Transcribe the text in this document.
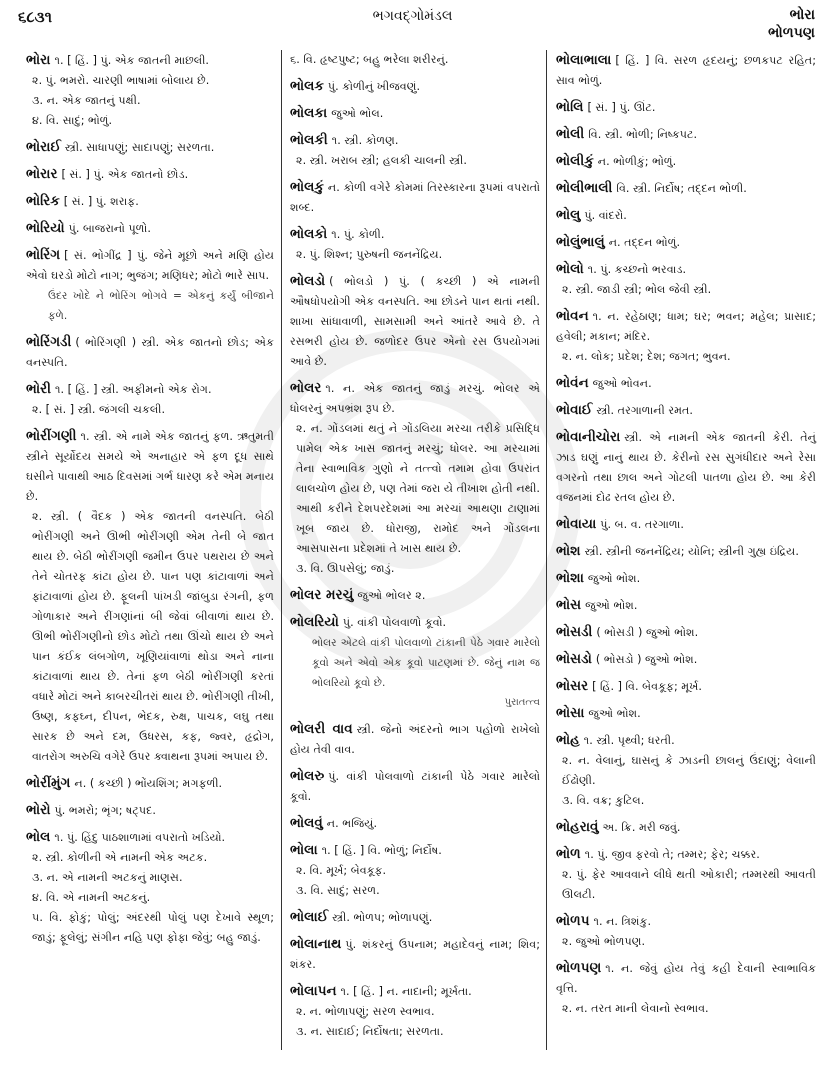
૬૮૩૧	ભગવદ્ગોમંડલ	ભોરા
ભોળપણ
ભોરા ૧. [ હિં. ] પું. એક જાતની માછલી.
૨. પું. ભમરો. ચારણી ભાષામાં બોલાય છે.
૩. ન. એક જાતનું પક્ષી.
૪. વિ. સાદું; ભોળું.
ભોરાઈ સ્ત્રી. સાધાપણું; સાદાપણું; સરળતા.
ભોરાર [ સં. ] પું. એક જાતનો છોડ.
ભોરિક [ સં. ] પું. શરાફ.
ભોરિયો પું. બાજરાનો પૂળો.
ભોરિંગ [ સં. ભોગીંદ્ર ] પું. જેને મૂછો અને મણિ હોય એવો ઘરડો મોટો નાગ; ભુજંગ; મણિધર; મોટો ભારે સાપ.
ઉંદર ખોદે ને ભોરિંગ ભોગવે = એકનું કર્યું બીજાને ફળે.
ભોરિંગડી ( ભોરિંગણી ) સ્ત્રી. એક જાતનો છોડ; એક વનસ્પતિ.
ભોરી ૧. [ હિં. ] સ્ત્રી. અફીમનો એક રોગ.
૨. [ સં. ] સ્ત્રી. જંગલી ચકલી.
ભોરીંગણી ૧. સ્ત્રી. એ નામે એક જાતનું ફળ. ઋતુમતી સ્ત્રીને સૂર્યોદય સમયે એ અનાહાર એ ફળ દૂધ સાથે ઘસીને પાવાથી આઠ દિવસમાં ગર્ભ ધારણ કરે એમ મનાય છે.
૨. સ્ત્રી. ( વૈદક ) એક જાતની વનસ્પતિ. બેઠી ભોરીંગણી અને ઊભી ભોરીંગણી એમ તેની બે જાત થાય છે. બેઠી ભોરીંગણી જમીન ઉપર પથરાય છે અને તેને ચોતરફ કાંટા હોય છે. પાન પણ કાંટાવાળાં અને ફાંટાવાળાં હોય છે. ફૂલની પાંખડી જાંબુડા રંગની, ફળ ગોળાકાર અને રીંગણાંનાં બી જેવાં બીવાળાં થાય છે. ઊભી ભોરીંગણીનો છોડ મોટો તથા ઊંચો થાય છે અને પાન કંઈક લંબગોળ, ખૂણિયાંવાળાં થોડા અને નાના કાંટાવાળાં થાય છે. તેનાં ફળ બેઠી ભોરીંગણી કરતાં વધારે મોટાં અને કાબરચીતરાં થાય છે. ભોરીંગણી તીખી, ઉષ્ણ, કફઘ્ન, દીપન, ભેદક, રુક્ષ, પાચક, લઘુ તથા સારક છે અને દમ, ઉધરસ, કફ, જ્વર, હૃદ્રોગ, વાતરોગ અરુચિ વગેરે ઉપર ક્વાથના રૂપમાં અપાય છે.
ભોરીંમુંગ ન. ( કચ્છી ) ભોંયશિંગ; મગફળી.
ભોરો પું. ભમરો; ભૃંગ; ષટ્પદ.
ભોલ ૧. પું. હિંદુ પાઠશાળામાં વપરાતો ખડિયો.
૨. સ્ત્રી. કોળીની એ નામની એક અટક.
૩. ન. એ નામની અટકનું માણસ.
૪. વિ. એ નામની અટકનું.
૫. વિ. ફોકું; પોલું; અંદરથી પોલું પણ દેખાવે સ્થૂળ; જાડું; ફૂલેલું; સંગીન નહિ પણ ફોફા જેવું; બહુ જાડું.
૬. વિ. હૃષ્ટપુષ્ટ; બહુ ભરેલા શરીરનું.
ભોલક પું. કોળીનું ખીજવણું.
ભોલકા જુઓ ભોલ.
ભોલકી ૧. સ્ત્રી. કોળણ.
૨. સ્ત્રી. ખરાબ સ્ત્રી; હલકી ચાલની સ્ત્રી.
ભોલકું ન. કોળી વગેરે કોમમાં તિરસ્કારના રૂપમાં વપરાતો શબ્દ.
ભોલકો ૧. પું. કોળી.
૨. પું. શિશ્ન; પુરુષની જનનેંદ્રિય.
ભોલડો ( ભોલડો ) પું. ( કચ્છી ) એ નામની ઔષધોપયોગી એક વનસ્પતિ. આ છોડને પાન થતાં નથી. શાખા સાંધાવાળી, સામસામી અને આંતરે આવે છે. તે રસભરી હોય છે. જળોદર ઉપર એનો રસ ઉપયોગમાં આવે છે.
ભોલર ૧. ન. એક જાતનું જાડું મરચું. ભોલર એ ધોલરનું અપભ્રંશ રૂપ છે.
૨. ન. ગોંડલમાં થતું ને ગોંડલિયા મરચા તરીકે પ્રસિદ્ધિ પામેલ એક ખાસ જાતનું મરચું; ધોલર. આ મરચામાં તેના સ્વાભાવિક ગુણો ને તત્ત્વો તમામ હોવા ઉપરાંત લાલચોળ હોય છે, પણ તેમાં જરા યે તીખાશ હોતી નથી. આથી કરીને દેશપરદેશમાં આ મરચાં આથણા ટાણામાં ખૂબ જાય છે. ધોરાજી, રામોદ અને ગોંડલના આસપાસના પ્રદેશમાં તે ખાસ થાય છે.
૩. વિ. ઊપસેલું; જાડું.
ભોલર મરચું જુઓ ભોલર ૨.
ભોલરિયો પું. વાંકી પોલવાળો કૂવો.
ભોલર એટલે વાંકી પોલવાળો ટાંકાની પેઠે ગવાર મારેલો કૂવો અને એવો એક કૂવો પાટણમાં છે. જેનું નામ જ ભોલરિયો કૂવો છે.
પુરાતત્ત્વ
ભોલરી વાવ સ્ત્રી. જેનો અંદરનો ભાગ પહોળો રાખેલો હોય તેવી વાવ.
ભોલરુ પું. વાંકી પોલવાળો ટાંકાની પેઠે ગવાર મારેલો કૂવો.
ભોલવું ન. ભજિયું.
ભોલા ૧. [ હિં. ] વિ. ભોળું; નિર્દોષ.
૨. વિ. મૂર્ખ; બેવકૂફ.
૩. વિ. સાદું; સરળ.
ભોલાઈ સ્ત્રી. ભોળપ; ભોળાપણું.
ભોલાનાથ પું. શંકરનું ઉપનામ; મહાદેવનું નામ; શિવ; શંકર.
ભોલાપન ૧. [ હિં. ] ન. નાદાની; મૂર્ખતા.
૨. ન. ભોળાપણું; સરળ સ્વભાવ.
૩. ન. સાદાઈ; નિર્દોષતા; સરળતા.
ભોલાભાલા [ હિં. ] વિ. સરળ હૃદયનું; છળકપટ રહિત; સાવ ભોળું.
ભોલિ [ સં. ] પું. ઊંટ.
ભોલી વિ. સ્ત્રી. ભોળી; નિષ્કપટ.
ભોલીકું ન. ભોળીકું; ભોળું.
ભોલીભાલી વિ. સ્ત્રી. નિર્દોષ; તદ્દન ભોળી.
ભોલુ પું. વાંદરો.
ભોલુંભાલું ન. તદ્દન ભોળું.
ભોલો ૧. પું. કચ્છનો ભરવાડ.
૨. સ્ત્રી. જાડી સ્ત્રી; ભોલ જેવી સ્ત્રી.
ભોવન ૧. ન. રહેઠાણ; ધામ; ઘર; ભવન; મહેલ; પ્રાસાદ; હવેલી; મકાન; મંદિર.
૨. ન. લોક; પ્રદેશ; દેશ; જગત; ભુવન.
ભોવંન જુઓ ભોવન.
ભોવાઈ સ્ત્રી. તરગાળાની રમત.
ભોવાનીચોરા સ્ત્રી. એ નામની એક જાતની કેરી. તેનું ઝાડ ઘણું નાનું થાય છે. કેરીનો રસ સુગંધીદાર અને રેસા વગરનો તથા છાલ અને ગોટલી પાતળા હોય છે. આ કેરી વજનમાં દોઢ રતલ હોય છે.
ભોવાયા પું. બ. વ. તરગાળા.
ભોશ સ્ત્રી. સ્ત્રીની જનનેંદ્રિય; યોનિ; સ્ત્રીની ગુહ્ય ઇંદ્રિય.
ભોશા જુઓ ભોશ.
ભોસ જુઓ ભોશ.
ભોસડી ( ભોસડી ) જુઓ ભોશ.
ભોસડો ( ભોસડો ) જુઓ ભોશ.
ભોસર [ હિં. ] વિ. બેવકૂફ; મૂર્ખ.
ભોસા જુઓ ભોશ.
ભોહ ૧. સ્ત્રી. પૃથ્વી; ધરતી.
૨. ન. વેલાનું, ઘાસનું કે ઝાડની છાલનું ઉંદાણું; વેલાની ઈંઢોણી.
૩. વિ. વક્ર; કુટિલ.
ભોહરાવું અ. ક્રિ. મરી જવું.
ભોળ ૧. પું. જીવ ફરવો તે; તમ્મર; ફેર; ચક્કર.
૨. પું. ફેર આવવાને લીધે થતી ઓકારી; તમ્મરથી આવતી ઊલટી.
ભોળપ ૧. ન. ત્રિશંકુ.
૨. જુઓ ભોળપણ.
ભોળપણ ૧. ન. જેવું હોય તેવું કહી દેવાની સ્વાભાવિક વૃત્તિ.
૨. ન. તરત માની લેવાનો સ્વભાવ.
